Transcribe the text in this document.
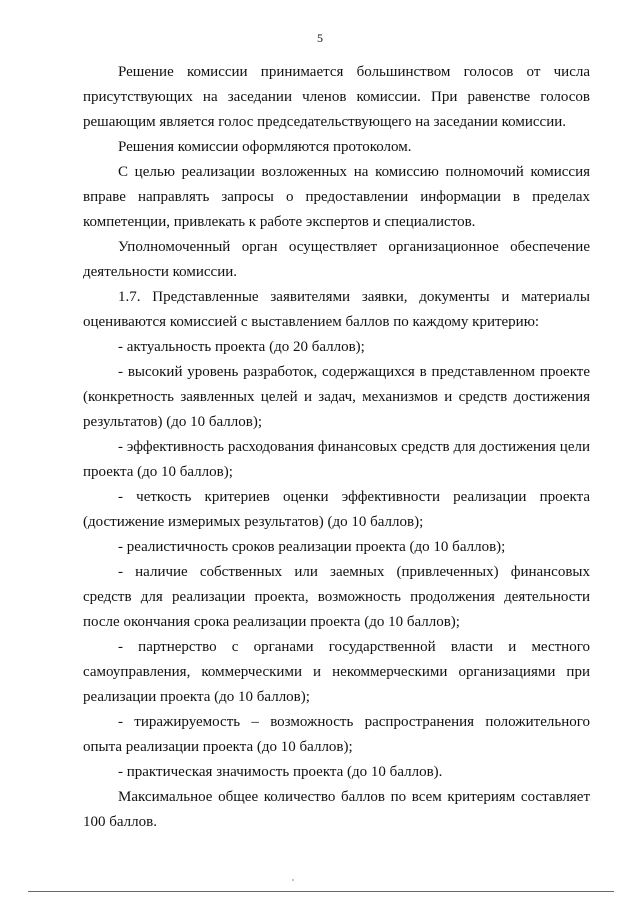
5

Решение комиссии принимается большинством голосов от числа присутствующих на заседании членов комиссии. При равенстве голосов решающим является голос председательствующего на заседании комиссии.

Решения комиссии оформляются протоколом.

С целью реализации возложенных на комиссию полномочий комиссия вправе направлять запросы о предоставлении информации в пределах компетенции, привлекать к работе экспертов и специалистов.

Уполномоченный орган осуществляет организационное обеспечение деятельности комиссии.

1.7. Представленные заявителями заявки, документы и материалы оцениваются комиссией с выставлением баллов по каждому критерию:

- актуальность проекта (до 20 баллов);

- высокий уровень разработок, содержащихся в представленном проекте (конкретность заявленных целей и задач, механизмов и средств достижения результатов) (до 10 баллов);

- эффективность расходования финансовых средств для достижения цели проекта (до 10 баллов);

- четкость критериев оценки эффективности реализации проекта (достижение измеримых результатов) (до 10 баллов);

- реалистичность сроков реализации проекта (до 10 баллов);

- наличие собственных или заемных (привлеченных) финансовых средств для реализации проекта, возможность продолжения деятельности после окончания срока реализации проекта (до 10 баллов);

- партнерство с органами государственной власти и местного самоуправления, коммерческими и некоммерческими организациями при реализации проекта (до 10 баллов);

- тиражируемость – возможность распространения положительного опыта реализации проекта (до 10 баллов);

- практическая значимость проекта (до 10 баллов).

Максимальное общее количество баллов по всем критериям составляет 100 баллов.
